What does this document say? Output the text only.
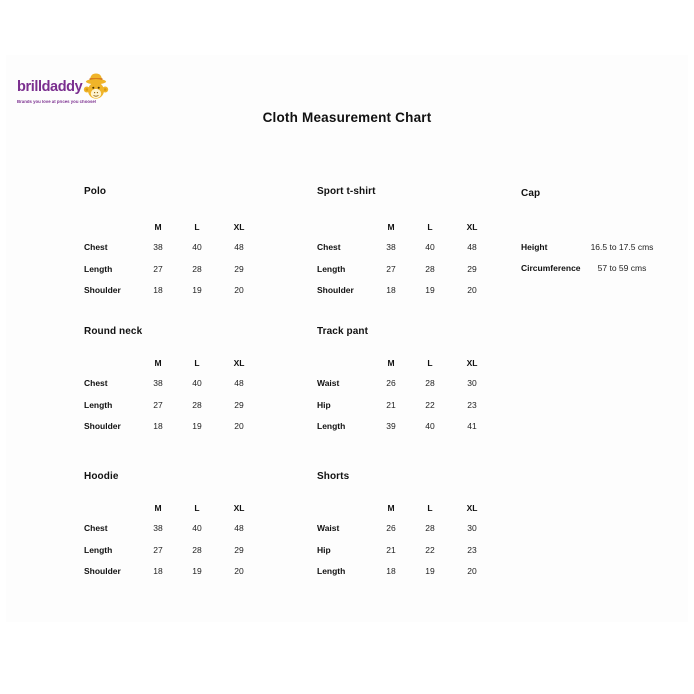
brilldaddy
Brands you love at prices you choose!
Cloth Measurement Chart
Polo
M	L	XL
Chest	38	40	48
Length	27	28	29
Shoulder	18	19	20
Sport t-shirt
M	L	XL
Chest	38	40	48
Length	27	28	29
Shoulder	18	19	20
Cap
Height	16.5 to 17.5 cms
Circumference	57 to 59 cms
Round neck
M	L	XL
Chest	38	40	48
Length	27	28	29
Shoulder	18	19	20
Track pant
M	L	XL
Waist	26	28	30
Hip	21	22	23
Length	39	40	41
Hoodie
M	L	XL
Chest	38	40	48
Length	27	28	29
Shoulder	18	19	20
Shorts
M	L	XL
Waist	26	28	30
Hip	21	22	23
Length	18	19	20
